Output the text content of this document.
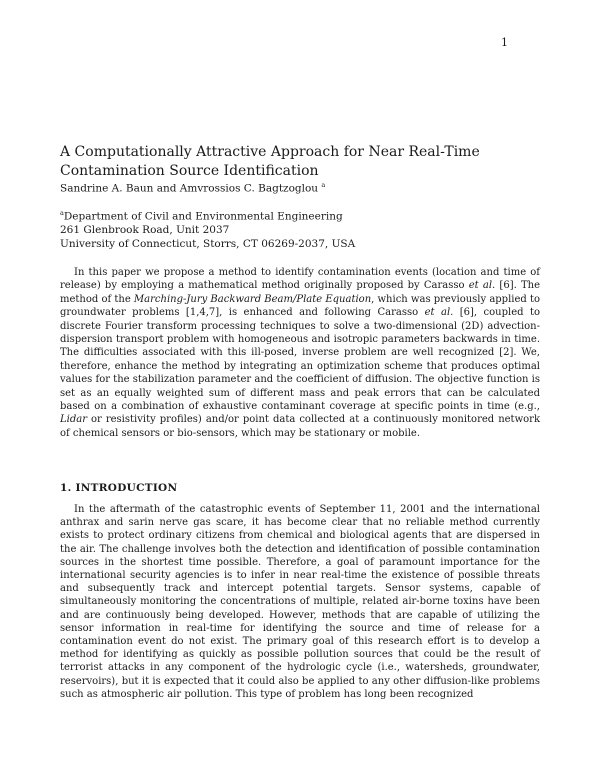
1
A Computationally Attractive Approach for Near Real-Time
Contamination Source Identification
Sandrine A. Baun and Amvrossios C. Bagtzoglou $^a$
$^a$Department of Civil and Environmental Engineering
261 Glenbrook Road, Unit 2037
University of Connecticut, Storrs, CT 06269-2037, USA

In this paper we propose a method to identify contamination events (location and time of release) by employing a mathematical method originally proposed by Carasso et al. [6]. The method of the Marching-Jury Backward Beam/Plate Equation, which was previously applied to groundwater problems [1,4,7], is enhanced and following Carasso et al. [6], coupled to discrete Fourier transform processing techniques to solve a two-dimensional (2D) advection-dispersion transport problem with homogeneous and isotropic parameters backwards in time. The difficulties associated with this ill-posed, inverse problem are well recognized [2]. We, therefore, enhance the method by integrating an optimization scheme that produces optimal values for the stabilization parameter and the coefficient of diffusion. The objective function is set as an equally weighted sum of different mass and peak errors that can be calculated based on a combination of exhaustive contaminant coverage at specific points in time (e.g., Lidar or resistivity profiles) and/or point data collected at a continuously monitored network of chemical sensors or bio-sensors, which may be stationary or mobile.

1. INTRODUCTION

In the aftermath of the catastrophic events of September 11, 2001 and the international anthrax and sarin nerve gas scare, it has become clear that no reliable method currently exists to protect ordinary citizens from chemical and biological agents that are dispersed in the air. The challenge involves both the detection and identification of possible contamination sources in the shortest time possible. Therefore, a goal of paramount importance for the international security agencies is to infer in near real-time the existence of possible threats and subsequently track and intercept potential targets. Sensor systems, capable of simultaneously monitoring the concentrations of multiple, related air-borne toxins have been and are continuously being developed. However, methods that are capable of utilizing the sensor information in real-time for identifying the source and time of release for a contamination event do not exist. The primary goal of this research effort is to develop a method for identifying as quickly as possible pollution sources that could be the result of terrorist attacks in any component of the hydrologic cycle (i.e., watersheds, groundwater, reservoirs), but it is expected that it could also be applied to any other diffusion-like problems such as atmospheric air pollution. This type of problem has long been recognized
